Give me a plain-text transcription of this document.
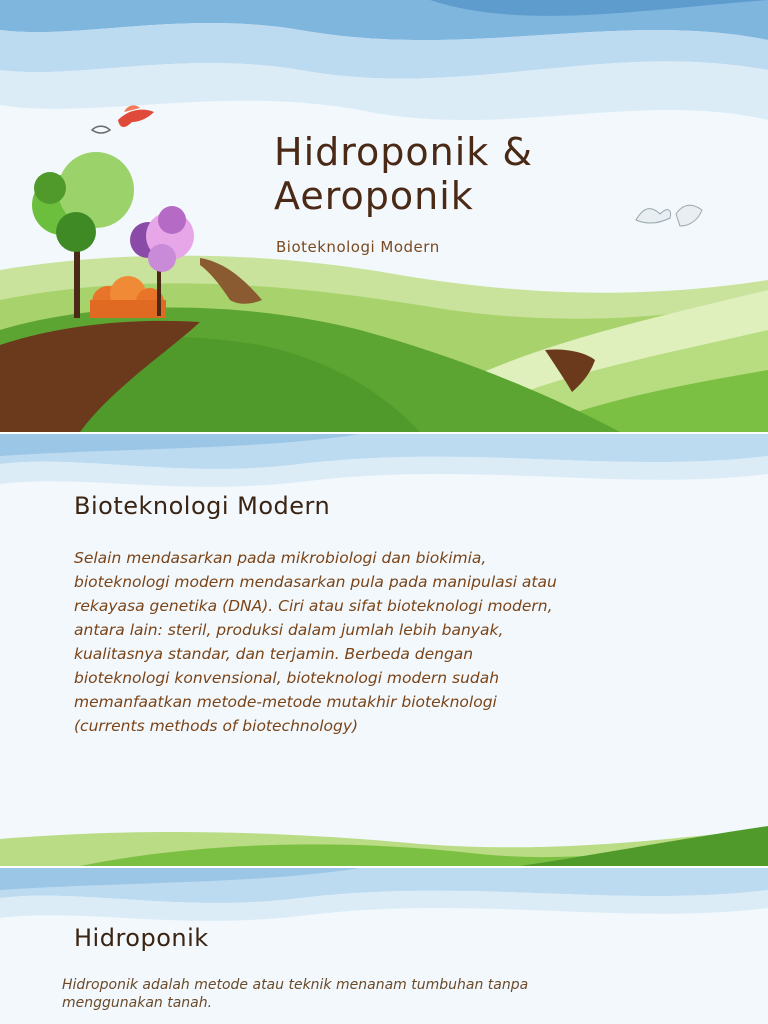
Hidroponik &
Aeroponik
Bioteknologi Modern
Bioteknologi Modern
Selain mendasarkan pada mikrobiologi dan biokimia,
bioteknologi modern mendasarkan pula pada manipulasi atau
rekayasa genetika (DNA). Ciri atau sifat bioteknologi modern,
antara lain: steril, produksi dalam jumlah lebih banyak,
kualitasnya standar, dan terjamin. Berbeda dengan
bioteknologi konvensional, bioteknologi modern sudah
memanfaatkan metode-metode mutakhir bioteknologi
(currents methods of biotechnology)
Hidroponik
Hidroponik adalah metode atau teknik menanam tumbuhan tanpa
menggunakan tanah.
